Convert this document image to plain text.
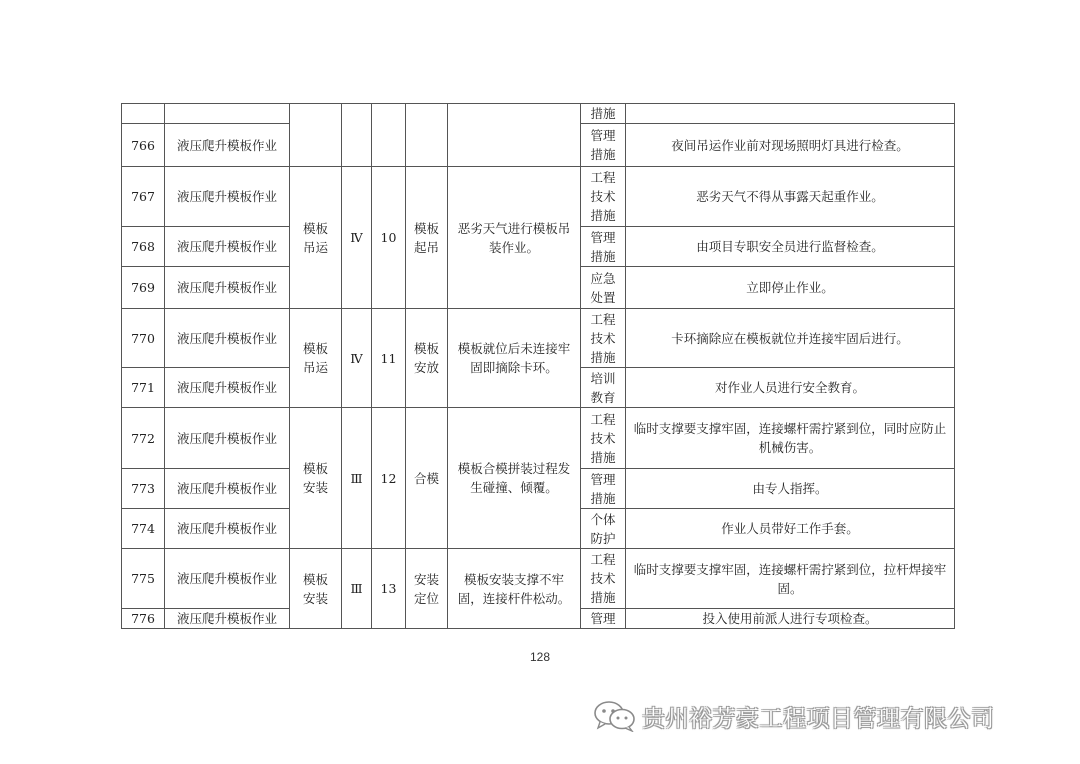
							措施	
766	液压爬升模板作业						管理措施	夜间吊运作业前对现场照明灯具进行检查。
767	液压爬升模板作业	模板吊运	Ⅳ	10	模板起吊	恶劣天气进行模板吊装作业。	工程技术措施	恶劣天气不得从事露天起重作业。
768	液压爬升模板作业						管理措施	由项目专职安全员进行监督检查。
769	液压爬升模板作业						应急处置	立即停止作业。
770	液压爬升模板作业	模板吊运	Ⅳ	11	模板安放	模板就位后未连接牢固即摘除卡环。	工程技术措施	卡环摘除应在模板就位并连接牢固后进行。
771	液压爬升模板作业						培训教育	对作业人员进行安全教育。
772	液压爬升模板作业	模板安装	Ⅲ	12	合模	模板合模拼装过程发生碰撞、倾覆。	工程技术措施	临时支撑要支撑牢固，连接螺杆需拧紧到位，同时应防止机械伤害。
773	液压爬升模板作业						管理措施	由专人指挥。
774	液压爬升模板作业						个体防护	作业人员带好工作手套。
775	液压爬升模板作业	模板安装	Ⅲ	13	安装定位	模板安装支撑不牢固，连接杆件松动。	工程技术措施	临时支撑要支撑牢固，连接螺杆需拧紧到位，拉杆焊接牢固。
776	液压爬升模板作业						管理	投入使用前派人进行专项检查。
128
贵州裕芳豪工程项目管理有限公司
